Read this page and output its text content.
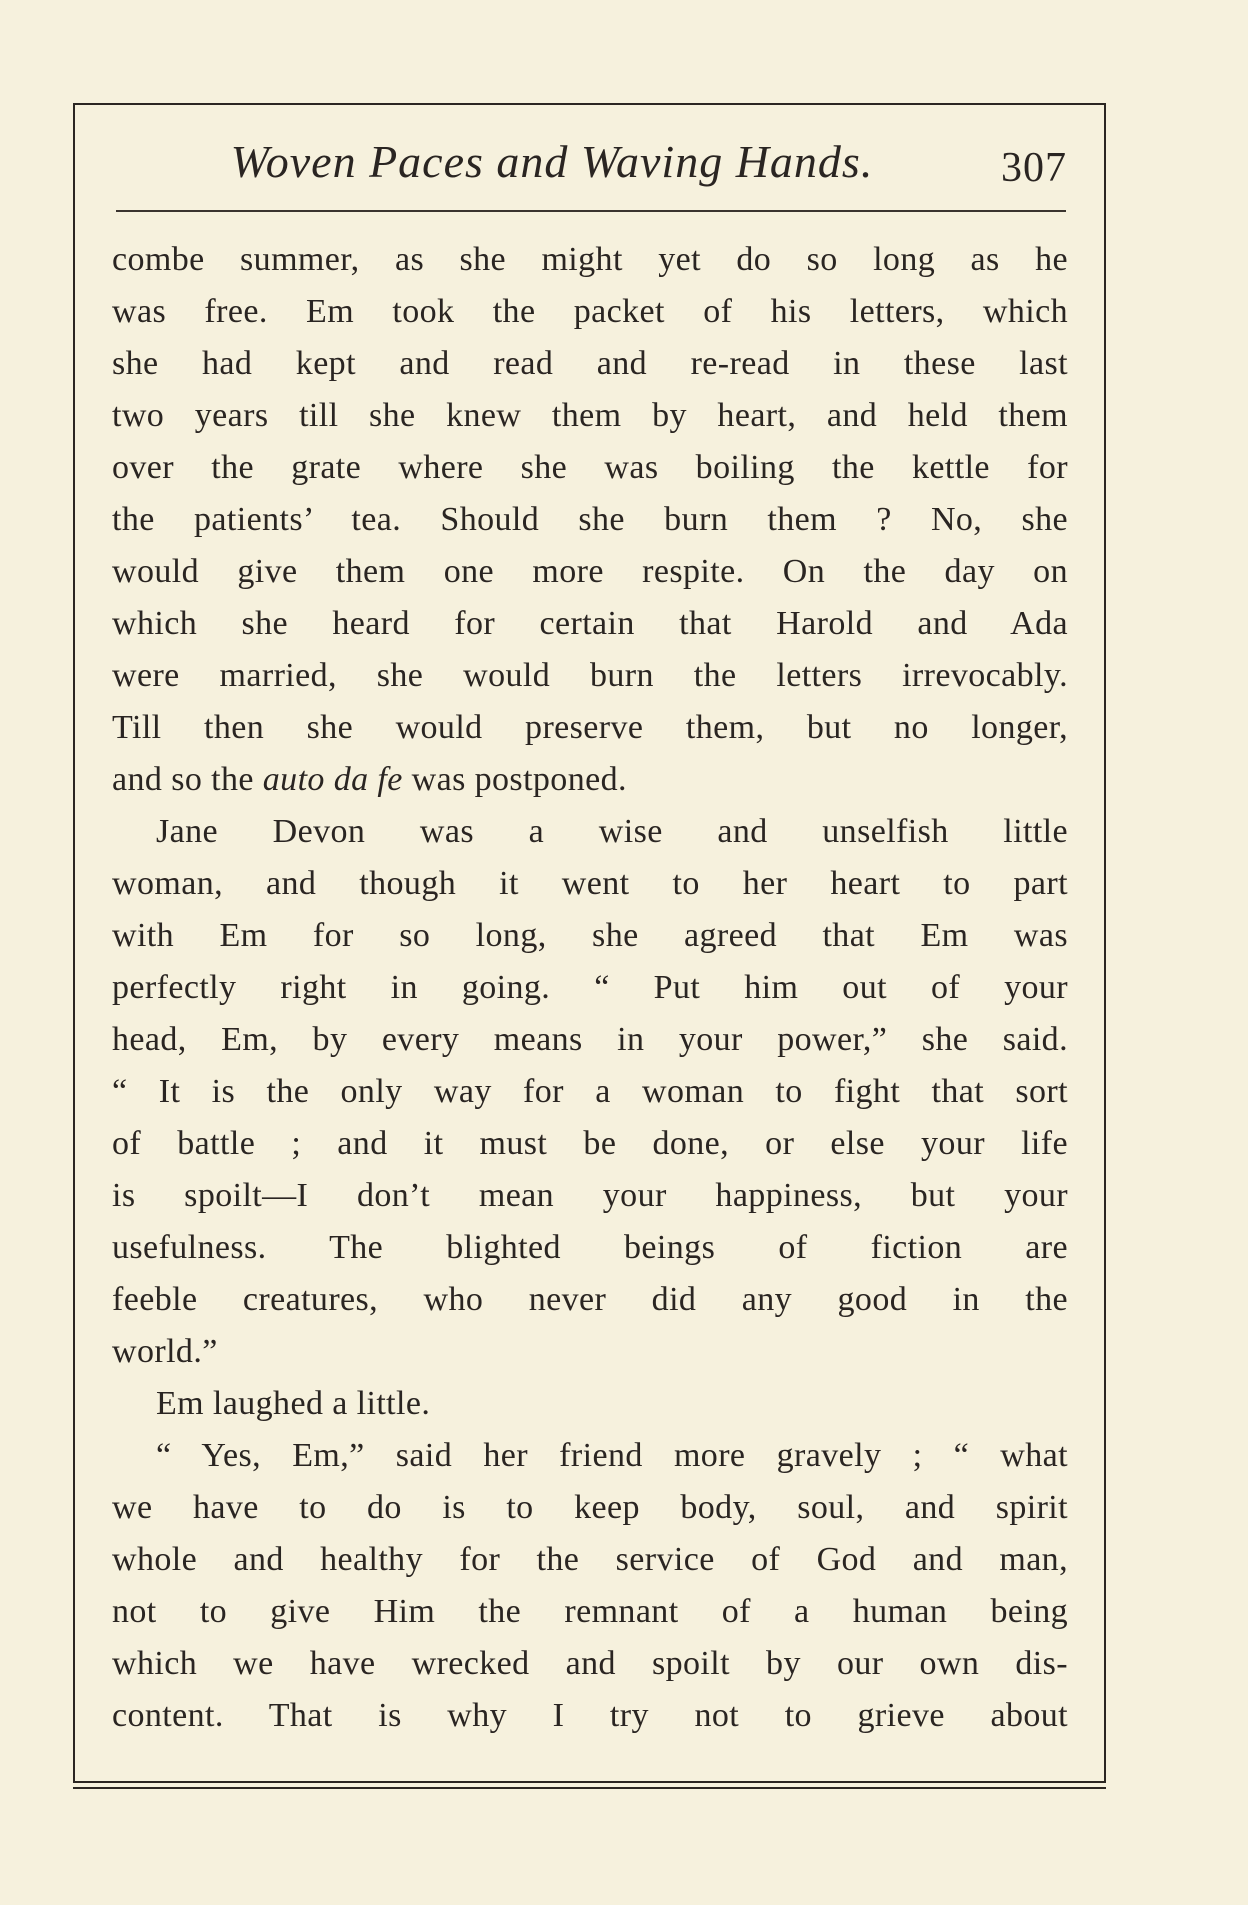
Woven Paces and Waving Hands.	307
combe summer, as she might yet do so long as he
was free. Em took the packet of his letters, which
she had kept and read and re-read in these last
two years till she knew them by heart, and held them
over the grate where she was boiling the kettle for
the patients’ tea. Should she burn them ? No, she
would give them one more respite. On the day on
which she heard for certain that Harold and Ada
were married, she would burn the letters irrevocably.
Till then she would preserve them, but no longer,
and so the auto da fe was postponed.
Jane Devon was a wise and unselfish little
woman, and though it went to her heart to part
with Em for so long, she agreed that Em was
perfectly right in going. “ Put him out of your
head, Em, by every means in your power,” she said.
“ It is the only way for a woman to fight that sort
of battle ; and it must be done, or else your life
is spoilt—I don’t mean your happiness, but your
usefulness. The blighted beings of fiction are
feeble creatures, who never did any good in the
world.”
Em laughed a little.
“ Yes, Em,” said her friend more gravely ; “ what
we have to do is to keep body, soul, and spirit
whole and healthy for the service of God and man,
not to give Him the remnant of a human being
which we have wrecked and spoilt by our own dis-
content. That is why I try not to grieve about
